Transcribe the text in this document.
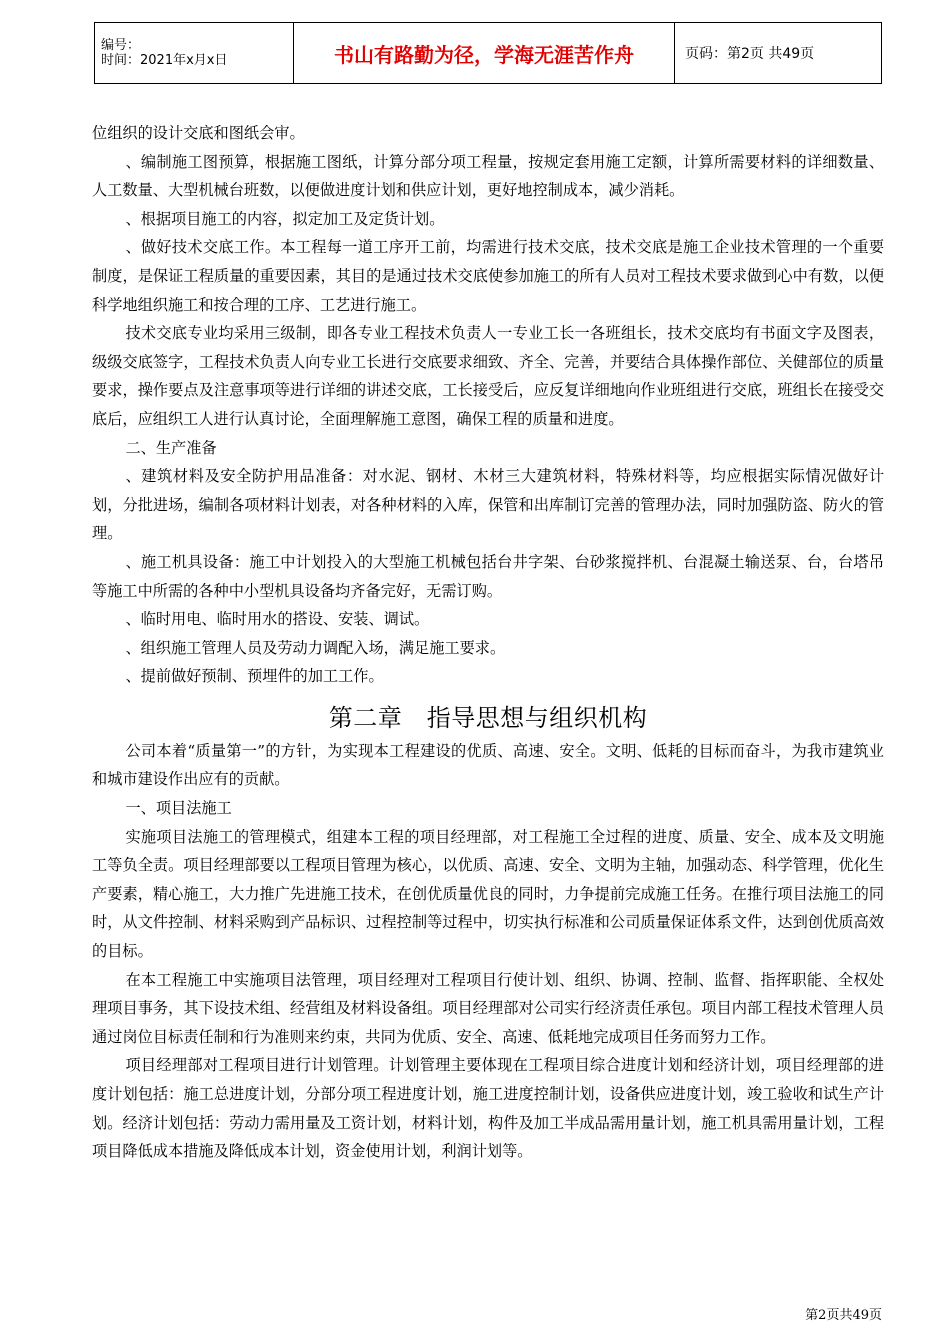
编号：
时间：2021年x月x日	书山有路勤为径，学海无涯苦作舟	页码：第2页 共49页

位组织的设计交底和图纸会审。

、编制施工图预算，根据施工图纸，计算分部分项工程量，按规定套用施工定额，计算所需要材料的详细数量、人工数量、大型机械台班数，以便做进度计划和供应计划，更好地控制成本，减少消耗。

、根据项目施工的内容，拟定加工及定货计划。

、做好技术交底工作。本工程每一道工序开工前，均需进行技术交底，技术交底是施工企业技术管理的一个重要制度，是保证工程质量的重要因素，其目的是通过技术交底使参加施工的所有人员对工程技术要求做到心中有数，以便科学地组织施工和按合理的工序、工艺进行施工。

技术交底专业均采用三级制，即各专业工程技术负责人一专业工长一各班组长，技术交底均有书面文字及图表，级级交底签字，工程技术负责人向专业工长进行交底要求细致、齐全、完善，并要结合具体操作部位、关健部位的质量要求，操作要点及注意事项等进行详细的讲述交底，工长接受后，应反复详细地向作业班组进行交底，班组长在接受交底后，应组织工人进行认真讨论，全面理解施工意图，确保工程的质量和进度。

二、生产准备

、建筑材料及安全防护用品准备：对水泥、钢材、木材三大建筑材料，特殊材料等，均应根据实际情况做好计划，分批进场，编制各项材料计划表，对各种材料的入库，保管和出库制订完善的管理办法，同时加强防盗、防火的管理。

、施工机具设备：施工中计划投入的大型施工机械包括台井字架、台砂浆搅拌机、台混凝土输送泵、台，台塔吊等施工中所需的各种中小型机具设备均齐备完好，无需订购。

、临时用电、临时用水的搭设、安装、调试。

、组织施工管理人员及劳动力调配入场，满足施工要求。

、提前做好预制、预埋件的加工工作。

第二章　指导思想与组织机构

公司本着“质量第一”的方针，为实现本工程建设的优质、高速、安全。文明、低耗的目标而奋斗，为我市建筑业和城市建设作出应有的贡献。

一、项目法施工

实施项目法施工的管理模式，组建本工程的项目经理部，对工程施工全过程的进度、质量、安全、成本及文明施工等负全责。项目经理部要以工程项目管理为核心，以优质、高速、安全、文明为主轴，加强动态、科学管理，优化生产要素，精心施工，大力推广先进施工技术，在创优质量优良的同时，力争提前完成施工任务。在推行项目法施工的同时，从文件控制、材料采购到产品标识、过程控制等过程中，切实执行标准和公司质量保证体系文件，达到创优质高效的目标。

在本工程施工中实施项目法管理，项目经理对工程项目行使计划、组织、协调、控制、监督、指挥职能、全权处理项目事务，其下设技术组、经营组及材料设备组。项目经理部对公司实行经济责任承包。项目内部工程技术管理人员通过岗位目标责任制和行为准则来约束，共同为优质、安全、高速、低耗地完成项目任务而努力工作。

项目经理部对工程项目进行计划管理。计划管理主要体现在工程项目综合进度计划和经济计划，项目经理部的进度计划包括：施工总进度计划，分部分项工程进度计划，施工进度控制计划，设备供应进度计划，竣工验收和试生产计划。经济计划包括：劳动力需用量及工资计划，材料计划，构件及加工半成品需用量计划，施工机具需用量计划，工程项目降低成本措施及降低成本计划，资金使用计划，利润计划等。

第2页共49页
